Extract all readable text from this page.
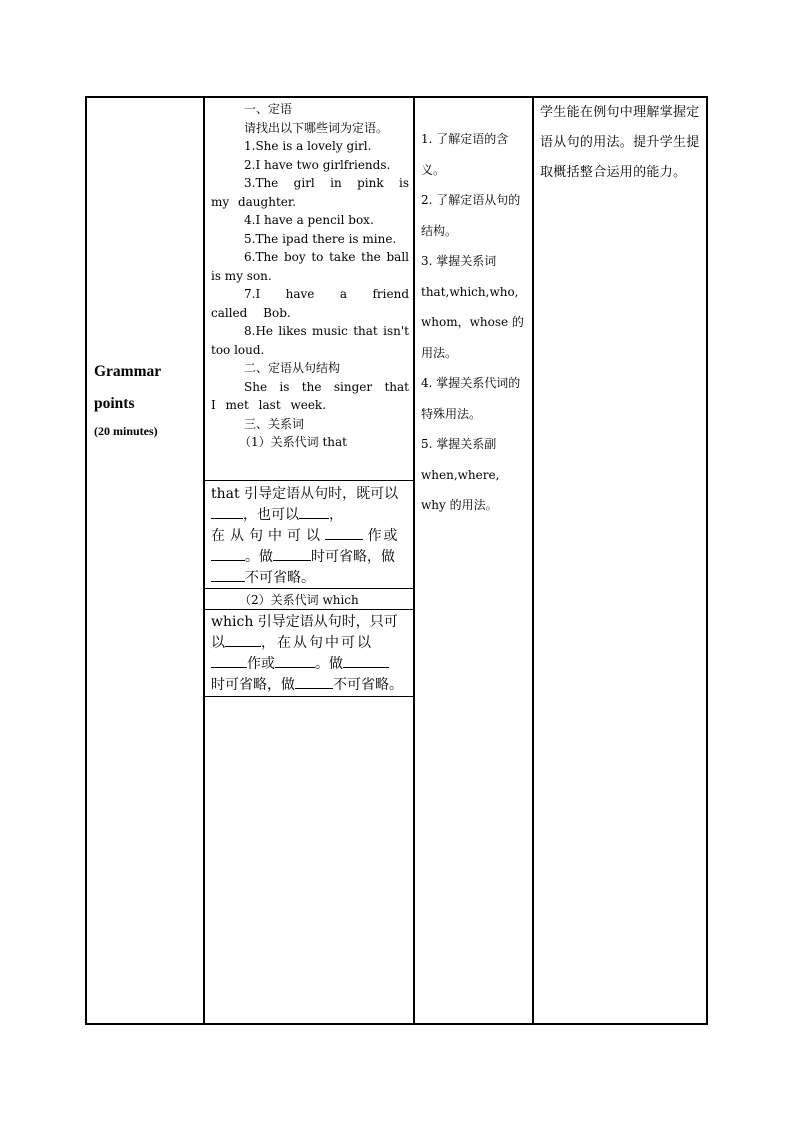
Grammar points
(20 minutes)

一、定语

请找出以下哪些词为定语。

1.She is a lovely girl.

2.I have two girlfriends.

3.The girl in pink is my daughter.

4.I have a pencil box.

5.The ipad there is mine.

6.The boy to take the ball is my son.

7.I have a friend called Bob.

8.He likes music that isn't too loud.

二、定语从句结构

She is the singer that I met last week.

三、关系词

（1）关系代词 that

that 引导定语从句时，既可以，也可以 ，
在从句中可以	作或
。做	时可省略，做
不可省略。

（2）关系代词 which

which 引导定语从句时，只可以	，在从句中可以
作或	。做
时可省略，做	不可省略。

1. 了解定语的含义。

2. 了解定语从句的结构。

3. 掌握关系词 that,which,who, whom，whose 的用法。

4. 掌握关系代词的特殊用法。

5. 掌握关系副 when,where, why 的用法。

学生能在例句中理解掌握定语从句的用法。提升学生提取概括整合运用的能力。
